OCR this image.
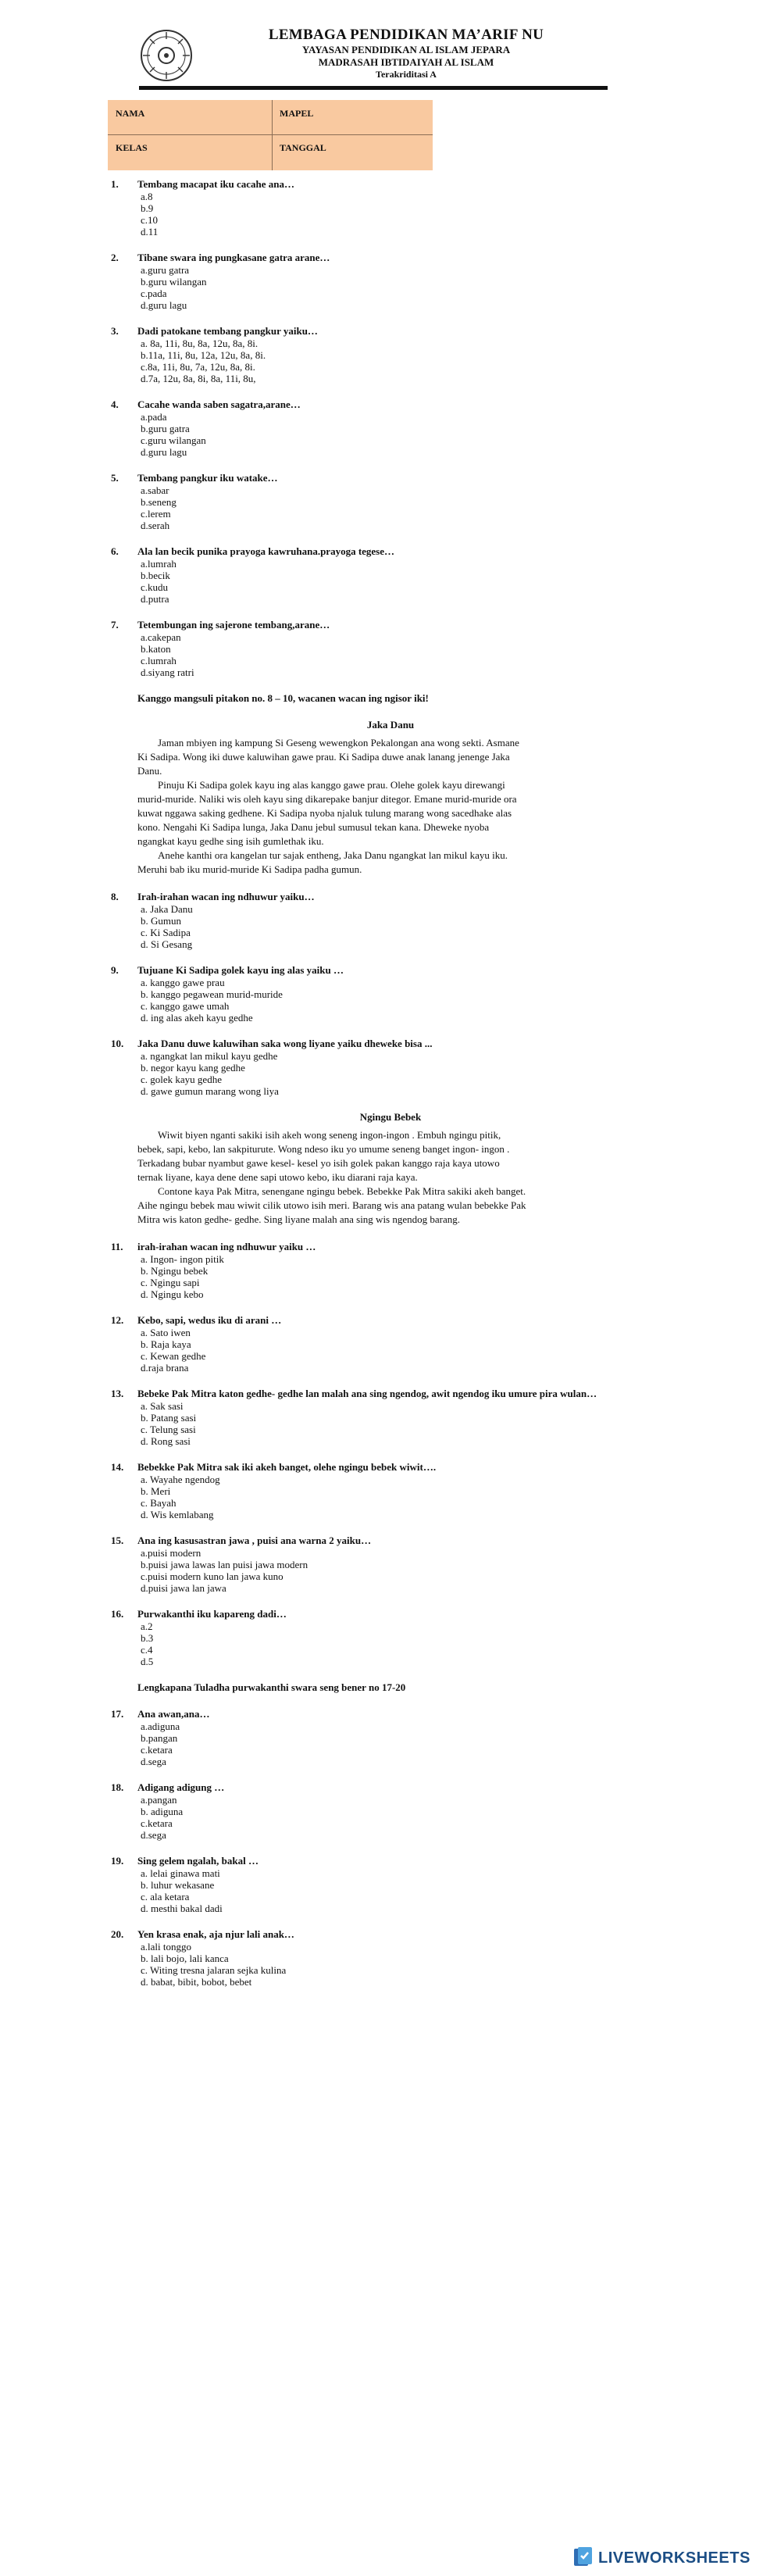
LEMBAGA PENDIDIKAN MA’ARIF NU
YAYASAN PENDIDIKAN AL ISLAM JEPARA
MADRASAH IBTIDAIYAH AL ISLAM
Terakriditasi A
NAMA	MAPEL
KELAS	TANGGAL
1. Tembang macapat iku cacahe ana…
a.8
b.9
c.10
d.11
2. Tibane swara ing pungkasane gatra arane…
a.guru gatra
b.guru wilangan
c.pada
d.guru lagu
3. Dadi patokane tembang pangkur yaiku…
a. 8a, 11i, 8u, 8a, 12u, 8a, 8i.
b.11a, 11i, 8u, 12a, 12u, 8a, 8i.
c.8a, 11i, 8u, 7a, 12u, 8a, 8i.
d.7a, 12u, 8a, 8i, 8a, 11i, 8u,
4. Cacahe wanda saben sagatra,arane…
a.pada
b.guru gatra
c.guru wilangan
d.guru lagu
5. Tembang pangkur iku watake…
a.sabar
b.seneng
c.lerem
d.serah
6. Ala lan becik punika prayoga kawruhana.prayoga tegese…
a.lumrah
b.becik
c.kudu
d.putra
7. Tetembungan ing sajerone tembang,arane…
a.cakepan
b.katon
c.lumrah
d.siyang ratri
Kanggo mangsuli pitakon no. 8 – 10, wacanen wacan ing ngisor iki!
Jaka Danu
Jaman mbiyen ing kampung Si Geseng wewengkon Pekalongan ana wong sekti. Asmane Ki Sadipa. Wong iki duwe kaluwihan gawe prau. Ki Sadipa duwe anak lanang jenenge Jaka Danu.
Pinuju Ki Sadipa golek kayu ing alas kanggo gawe prau. Olehe golek kayu direwangi murid-muride. Naliki wis oleh kayu sing dikarepake banjur ditegor. Emane murid-muride ora kuwat nggawa saking gedhene. Ki Sadipa nyoba njaluk tulung marang wong sacedhake alas kono. Nengahi Ki Sadipa lunga, Jaka Danu jebul sumusul tekan kana. Dheweke nyoba ngangkat kayu gedhe sing isih gumlethak iku.
Anehe kanthi ora kangelan tur sajak entheng, Jaka Danu ngangkat lan mikul kayu iku. Meruhi bab iku murid-muride Ki Sadipa padha gumun.
8. Irah-irahan wacan ing ndhuwur yaiku…
a. Jaka Danu
b. Gumun
c. Ki Sadipa
d. Si Gesang
9. Tujuane Ki Sadipa golek kayu ing alas yaiku …
a. kanggo gawe prau
b. kanggo pegawean murid-muride
c. kanggo gawe umah
d. ing alas akeh kayu gedhe
10. Jaka Danu duwe kaluwihan saka wong liyane yaiku dheweke bisa ...
a. ngangkat lan mikul kayu gedhe
b. negor kayu kang gedhe
c. golek kayu gedhe
d. gawe gumun marang wong liya
Ngingu Bebek
Wiwit biyen nganti sakiki isih akeh wong seneng ingon-ingon . Embuh ngingu pitik, bebek, sapi, kebo, lan sakpiturute. Wong ndeso iku yo umume seneng banget ingon- ingon . Terkadang bubar nyambut gawe kesel- kesel yo isih golek pakan kanggo raja kaya utowo ternak liyane, kaya dene dene sapi utowo kebo, iku diarani raja kaya.
Contone kaya Pak Mitra, senengane ngingu bebek. Bebekke Pak Mitra sakiki akeh banget. Aihe ngingu bebek mau wiwit cilik utowo isih meri. Barang wis ana patang wulan bebekke Pak Mitra wis katon gedhe- gedhe. Sing liyane malah ana sing wis ngendog barang.
11. irah-irahan wacan ing ndhuwur yaiku …
a. Ingon- ingon pitik
b. Ngingu bebek
c. Ngingu sapi
d. Ngingu kebo
12. Kebo, sapi, wedus iku di arani …
a. Sato iwen
b. Raja kaya
c. Kewan gedhe
d.raja brana
13. Bebeke Pak Mitra katon gedhe- gedhe lan malah ana sing ngendog, awit ngendog iku umure pira wulan…
a. Sak sasi
b. Patang sasi
c. Telung sasi
d. Rong sasi
14. Bebekke Pak Mitra sak iki akeh banget, olehe ngingu bebek wiwit….
a. Wayahe ngendog
b. Meri
c. Bayah
d. Wis kemlabang
15. Ana ing kasusastran jawa , puisi ana warna 2 yaiku…
a.puisi modern
b.puisi jawa lawas lan puisi jawa modern
c.puisi modern kuno lan jawa kuno
d.puisi jawa lan jawa
16. Purwakanthi iku kapareng dadi…
a.2
b.3
c.4
d.5
Lengkapana Tuladha purwakanthi swara seng bener no 17-20
17. Ana awan,ana…
a.adiguna
b.pangan
c.ketara
d.sega
18. Adigang adigung …
a.pangan
b. adiguna
c.ketara
d.sega
19. Sing gelem ngalah, bakal …
a. lelai ginawa mati
b. luhur wekasane
c. ala ketara
d. mesthi bakal dadi
20. Yen krasa enak, aja njur lali anak…
a.lali tonggo
b. lali bojo, lali kanca
c. Witing tresna jalaran sejka kulina
d. babat, bibit, bobot, bebet
LIVEWORKSHEETS
